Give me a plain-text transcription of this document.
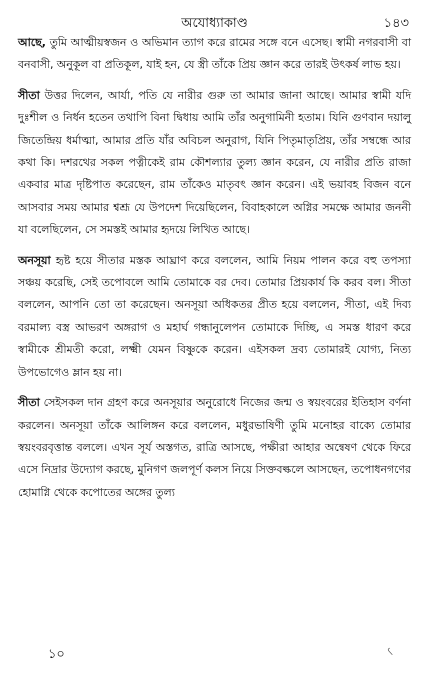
অযোধ্যাকাণ্ড	১৪৩

আছে, তুমি আত্মীয়স্বজন ও অভিমান ত্যাগ করে রামের সঙ্গে বনে এসেছ। স্বামী নগরবাসী বা বনবাসী, অনুকূল বা প্রতিকূল, যাই হন, যে স্ত্রী তাঁকে প্রিয় জ্ঞান করে তারই উৎকর্ষ লাভ হয়।

সীতা উত্তর দিলেন, আর্যা, পতি যে নারীর গুরু তা আমার জানা আছে। আমার স্বামী যদি দুঃশীল ও নির্ধন হতেন তথাপি বিনা দ্বিধায় আমি তাঁর অনুগামিনী হতাম। যিনি গুণবান দয়ালু জিতেন্দ্রিয় ধর্মাত্মা, আমার প্রতি যাঁর অবিচল অনুরাগ, যিনি পিতৃমাতৃপ্রিয়, তাঁর সম্বন্ধে আর কথা কি। দশরথের সকল পত্নীকেই রাম কৌশল্যার তুল্য জ্ঞান করেন, যে নারীর প্রতি রাজা একবার মাত্র দৃষ্টিপাত করেছেন, রাম তাঁকেও মাতৃবৎ জ্ঞান করেন। এই ভয়াবহ বিজন বনে আসবার সময় আমার শ্বশ্রূ যে উপদেশ দিয়েছিলেন, বিবাহকালে অগ্নির সমক্ষে আমার জননী যা বলেছিলেন, সে সমস্তই আমার হৃদয়ে লিখিত আছে।

অনসূয়া হৃষ্ট হয়ে সীতার মস্তক আঘ্রাণ করে বললেন, আমি নিয়ম পালন করে বহু তপস্যা সঞ্চয় করেছি, সেই তপোবলে আমি তোমাকে বর দেব। তোমার প্রিয়কার্য কি করব বল। সীতা বললেন, আপনি তো তা করেছেন। অনসূয়া অধিকতর প্রীত হয়ে বললেন, সীতা, এই দিব্য বরমাল্য বস্ত্র আভরণ অঙ্গরাগ ও মহার্ঘ গন্ধানুলেপন তোমাকে দিচ্ছি, এ সমস্ত ধারণ করে স্বামীকে শ্রীমতী করো, লক্ষ্মী যেমন বিষ্ণুকে করেন। এইসকল দ্রব্য তোমারই যোগ্য, নিত্য উপভোগেও ম্লান হয় না।

সীতা সেইসকল দান গ্রহণ করে অনসূয়ার অনুরোধে নিজের জন্ম ও স্বয়ংবরের ইতিহাস বর্ণনা করলেন। অনসূয়া তাঁকে আলিঙ্গন করে বললেন, মধুরভাষিণী তুমি মনোহর বাক্যে তোমার স্বয়ংবরবৃত্তান্ত বললে। এখন সূর্য অস্তগত, রাত্রি আসছে, পক্ষীরা আহার অন্বেষণ থেকে ফিরে এসে নিদ্রার উদ্যোগ করছে, মুনিগণ জলপূর্ণ কলস নিয়ে সিক্তবল্কলে আসছেন, তপোধনগণের হোমাগ্নি থেকে কপোতের অঙ্গের তুল্য

১০	৻
